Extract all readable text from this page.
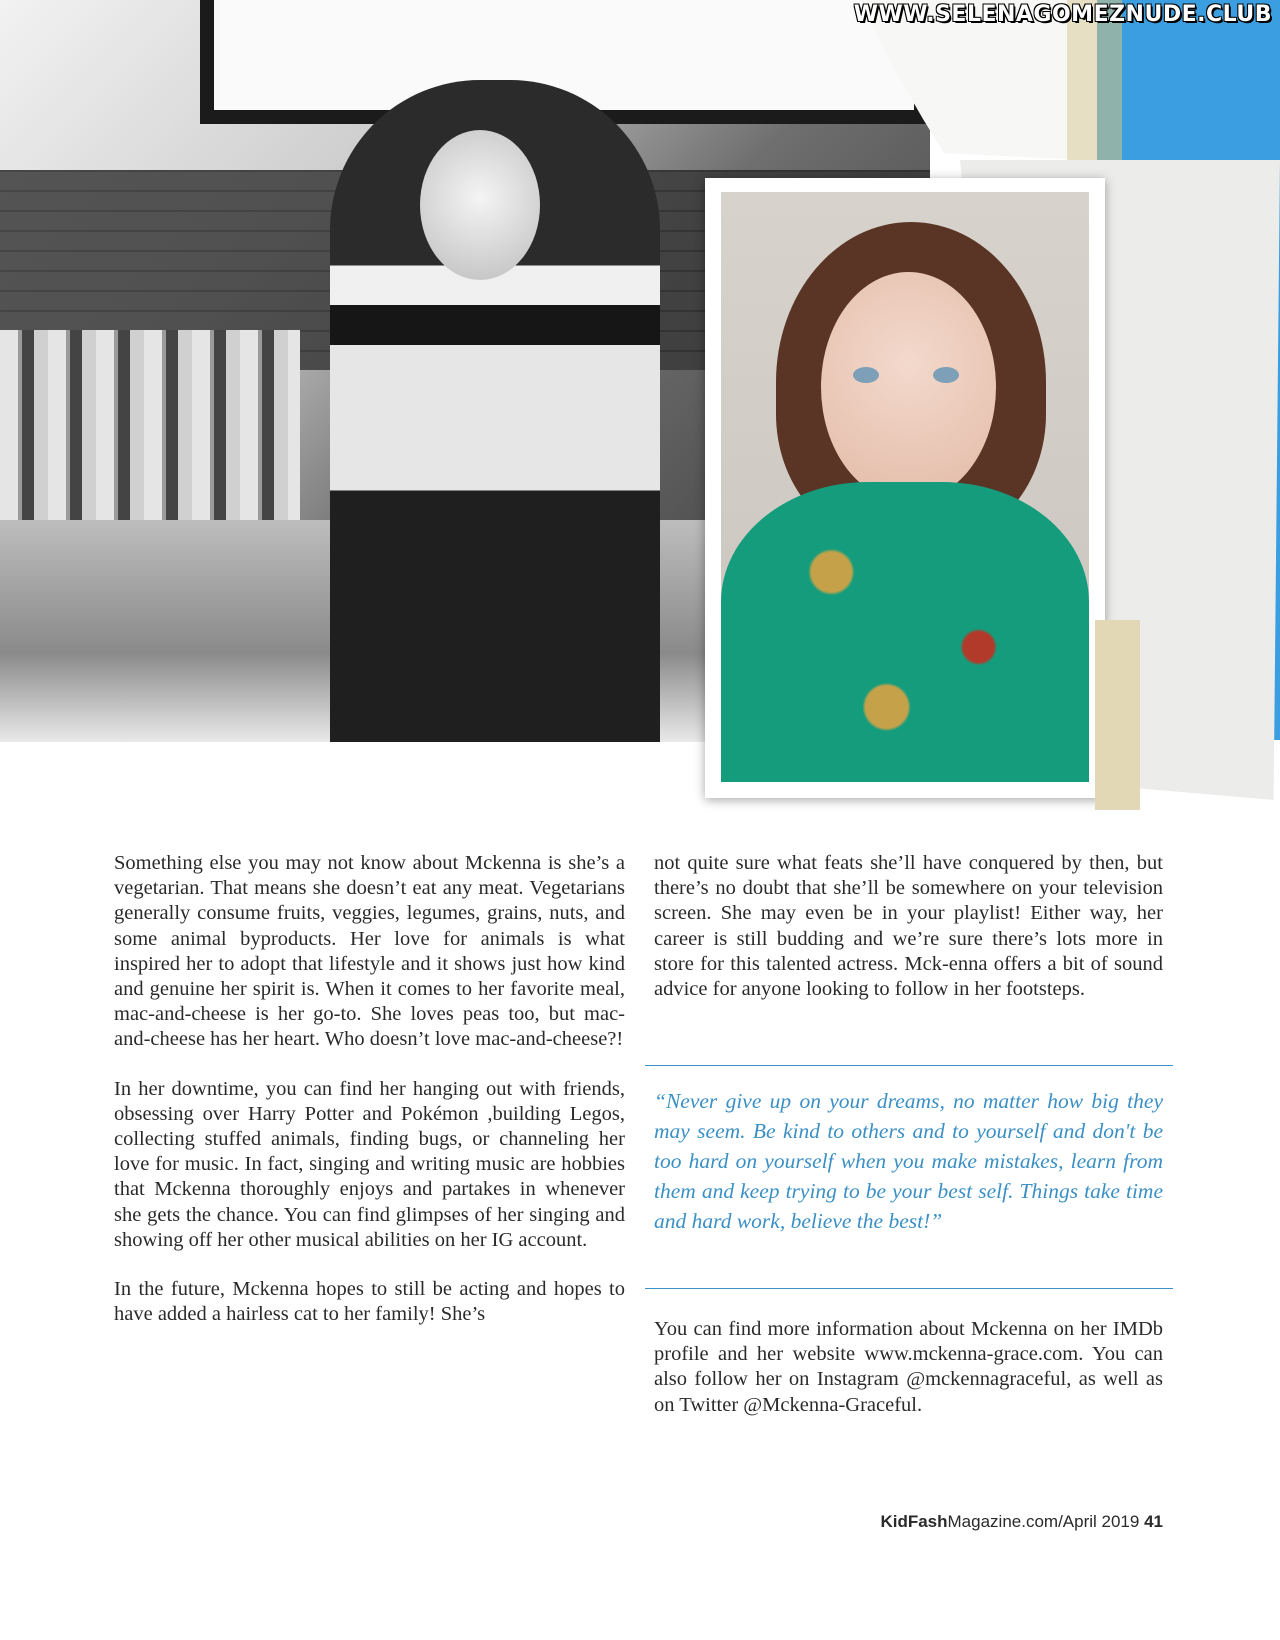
WWW.SELENAGOMEZNUDE.CLUB

Something else you may not know about Mckenna is she’s a vegetarian. That means she doesn’t eat any meat. Vegetarians generally consume fruits, veggies, legumes, grains, nuts, and some animal byproducts. Her love for animals is what inspired her to adopt that lifestyle and it shows just how kind and genuine her spirit is. When it comes to her favorite meal, mac-and-cheese is her go-to. She loves peas too, but mac-and-cheese has her heart. Who doesn’t love mac-and-cheese?!

In her downtime, you can find her hanging out with friends, obsessing over Harry Potter and Pokémon ,building Legos, collecting stuffed animals, finding bugs, or channeling her love for music. In fact, singing and writing music are hobbies that Mckenna thoroughly enjoys and partakes in whenever she gets the chance. You can find glimpses of her singing and showing off her other musical abilities on her IG account.

In the future, Mckenna hopes to still be acting and hopes to have added a hairless cat to her family! She’s

not quite sure what feats she’ll have conquered by then, but there’s no doubt that she’ll be somewhere on your television screen. She may even be in your playlist! Either way, her career is still budding and we’re sure there’s lots more in store for this talented actress. Mck-enna offers a bit of sound advice for anyone looking to follow in her footsteps.

“Never give up on your dreams, no matter how big they may seem. Be kind to others and to yourself and don't be too hard on yourself when you make mistakes, learn from them and keep trying to be your best self. Things take time and hard work, believe the best!”

You can find more information about Mckenna on her IMDb profile and her website www.mckenna-grace.com. You can also follow her on Instagram @mckennagraceful, as well as on Twitter @Mckenna-Graceful.

KidFashMagazine.com/April 2019 41
